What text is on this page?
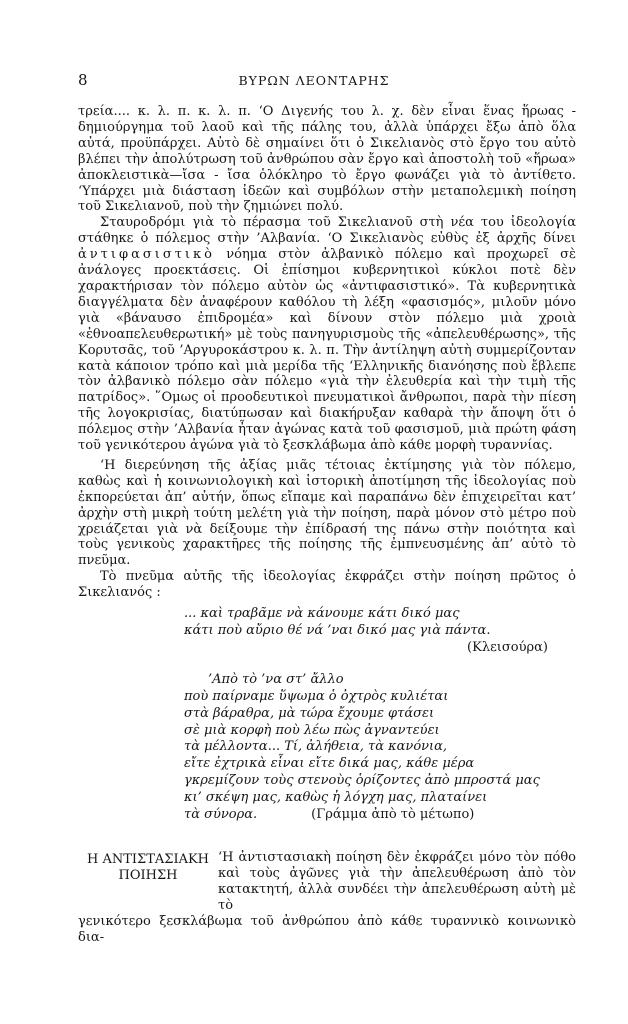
8	ΒΥΡΩΝ ΛΕΟΝΤΑΡΗΣ

τρεία.... κ. λ. π. κ. λ. π. ‘Ο Διγενής του λ. χ. δὲν εἶναι ἕνας ἥρωας - δημιούργημα τοῦ λαοῦ καὶ τῆς πάλης του, ἀλλὰ ὑπάρχει ἔξω ἀπὸ ὅλα αὐτά, προϋπάρχει. Αὐτὸ δὲ σημαίνει ὅτι ὁ Σικελιανὸς στὸ ἔργο του αὐτὸ βλέπει τὴν ἀπολύτρωση τοῦ ἀνθρώπου σὰν ἔργο καὶ ἀποστολὴ τοῦ «ἥρωα» ἀποκλειστικὰ—ἴσα - ἴσα ὁλόκληρο τὸ ἔργο φωνάζει γιὰ τὸ ἀντίθετο. ‘Υπάρχει μιὰ διάσταση ἰδεῶν καὶ συμβόλων στὴν μεταπολεμικὴ ποίηση τοῦ Σικελιανοῦ, ποὺ τὴν ζημιώνει πολύ.

Σταυροδρόμι γιὰ τὸ πέρασμα τοῦ Σικελιανοῦ στὴ νέα του ἰδεολογία στάθηκε ὁ πόλεμος στὴν ’Αλβανία. ‘Ο Σικελιανὸς εὐθὺς ἐξ ἀρχῆς δίνει ἀντιφασιστικὸ νόημα στὸν ἀλβανικὸ πόλεμο καὶ προχωρεῖ σὲ ἀνάλογες προεκτάσεις. Οἱ ἐπίσημοι κυβερνητικοὶ κύκλοι ποτὲ δὲν χαρακτήρισαν τὸν πόλεμο αὐτὸν ὡς «ἀντιφασιστικό». Τὰ κυβερνητικὰ διαγγέλματα δὲν ἀναφέρουν καθόλου τὴ λέξη «φασισμός», μιλοῦν μόνο γιὰ «βάναυσο ἐπιδρομέα» καὶ δίνουν στὸν πόλεμο μιὰ χροιὰ «ἐθνοαπελευθερωτική» μὲ τοὺς πανηγυρισμοὺς τῆς «ἀπελευθέρωσης», τῆς Κορυτσᾶς, τοῦ ’Αργυροκάστρου κ. λ. π. Τὴν ἀντίληψη αὐτὴ συμμερίζονταν κατὰ κάποιον τρόπο καὶ μιὰ μερίδα τῆς ‘Ελληνικῆς διανόησης ποὺ ἔβλεπε τὸν ἀλβανικὸ πόλεμο σὰν πόλεμο «γιὰ τὴν ἐλευθερία καὶ τὴν τιμὴ τῆς πατρίδος». ῞Ομως οἱ προοδευτικοὶ πνευματικοὶ ἄνθρωποι, παρὰ τὴν πίεση τῆς λογοκρισίας, διατύπωσαν καὶ διακήρυξαν καθαρὰ τὴν ἄποψη ὅτι ὁ πόλεμος στὴν ’Αλβανία ἦταν ἀγώνας κατὰ τοῦ φασισμοῦ, μιὰ πρώτη φάση τοῦ γενικότερου ἀγώνα γιὰ τὸ ξεσκλάβωμα ἀπὸ κάθε μορφὴ τυραννίας.

‘Η διερεύνηση τῆς ἀξίας μιᾶς τέτοιας ἐκτίμησης γιὰ τὸν πόλεμο, καθὼς καὶ ἡ κοινωνιολογικὴ καὶ ἱστορικὴ ἀποτίμηση τῆς ἰδεολογίας ποὺ ἐκπορεύεται ἀπ’ αὐτήν, ὅπως εἴπαμε καὶ παραπάνω δὲν ἐπιχειρεῖται κατ’ ἀρχὴν στὴ μικρὴ τούτη μελέτη γιὰ τὴν ποίηση, παρὰ μόνον στὸ μέτρο ποὺ χρειάζεται γιὰ νὰ δείξουμε τὴν ἐπίδρασή της πάνω στὴν ποιότητα καὶ τοὺς γενικοὺς χαρακτῆρες τῆς ποίησης τῆς ἐμπνευσμένης ἀπ’ αὐτὸ τὸ πνεῦμα.

Τὸ πνεῦμα αὐτῆς τῆς ἰδεολογίας ἐκφράζει στὴν ποίηση πρῶτος ὁ Σικελιανός :

... καὶ τραβᾶμε νὰ κάνουμε κάτι δικό μας
κάτι ποὺ αὔριο θέ νά ’ναι δικό μας γιὰ πάντα.
(Κλεισούρα)
’Απὸ τὸ ’να στ’ ἄλλο
ποὺ παίρναμε ὕψωμα ὁ ὀχτρὸς κυλιέται
στὰ βάραθρα, μὰ τώρα ἔχουμε φτάσει
σὲ μιὰ κορφὴ ποὺ λέω πὼς ἀγναντεύει
τὰ μέλλοντα... Τί, ἀλήθεια, τὰ κανόνια,
εἴτε ἐχτρικὰ εἶναι εἴτε δικά μας, κάθε μέρα
γκρεμίζουν τοὺς στενοὺς ὁρίζοντες ἀπὸ μπροστά μας
κι’ σκέψη μας, καθὼς ἡ λόγχη μας, πλαταίνει
τὰ σύνορα.	(Γράμμα ἀπὸ τὸ μέτωπο)
Η ΑΝΤΙΣΤΑΣΙΑΚΗ
ΠΟΙΗΣΗ

‘Η ἀντιστασιακὴ ποίηση δὲν ἐκφράζει μόνο τὸν πόθο καὶ τοὺς ἀγῶνες γιὰ τὴν ἀπελευθέρωση ἀπὸ τὸν κατακτητή, ἀλλὰ συνδέει τὴν ἀπελευθέρωση αὐτὴ μὲ τὸ

γενικότερο ξεσκλάβωμα τοῦ ἀνθρώπου ἀπὸ κάθε τυραννικὸ κοινωνικὸ δια-
